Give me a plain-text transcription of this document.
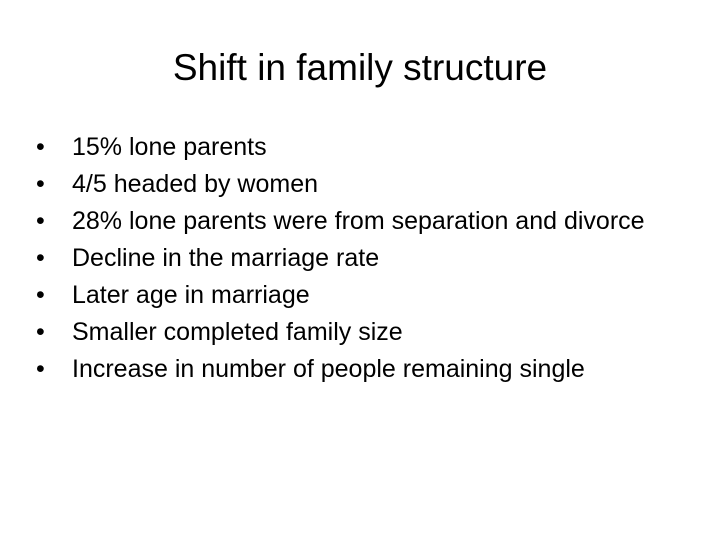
Shift in family structure
•	15% lone parents
•	4/5 headed by women
•	28% lone parents were from separation and divorce
•	Decline in the marriage rate
•	Later age in marriage
•	Smaller completed family size
•	Increase in number of people remaining single
